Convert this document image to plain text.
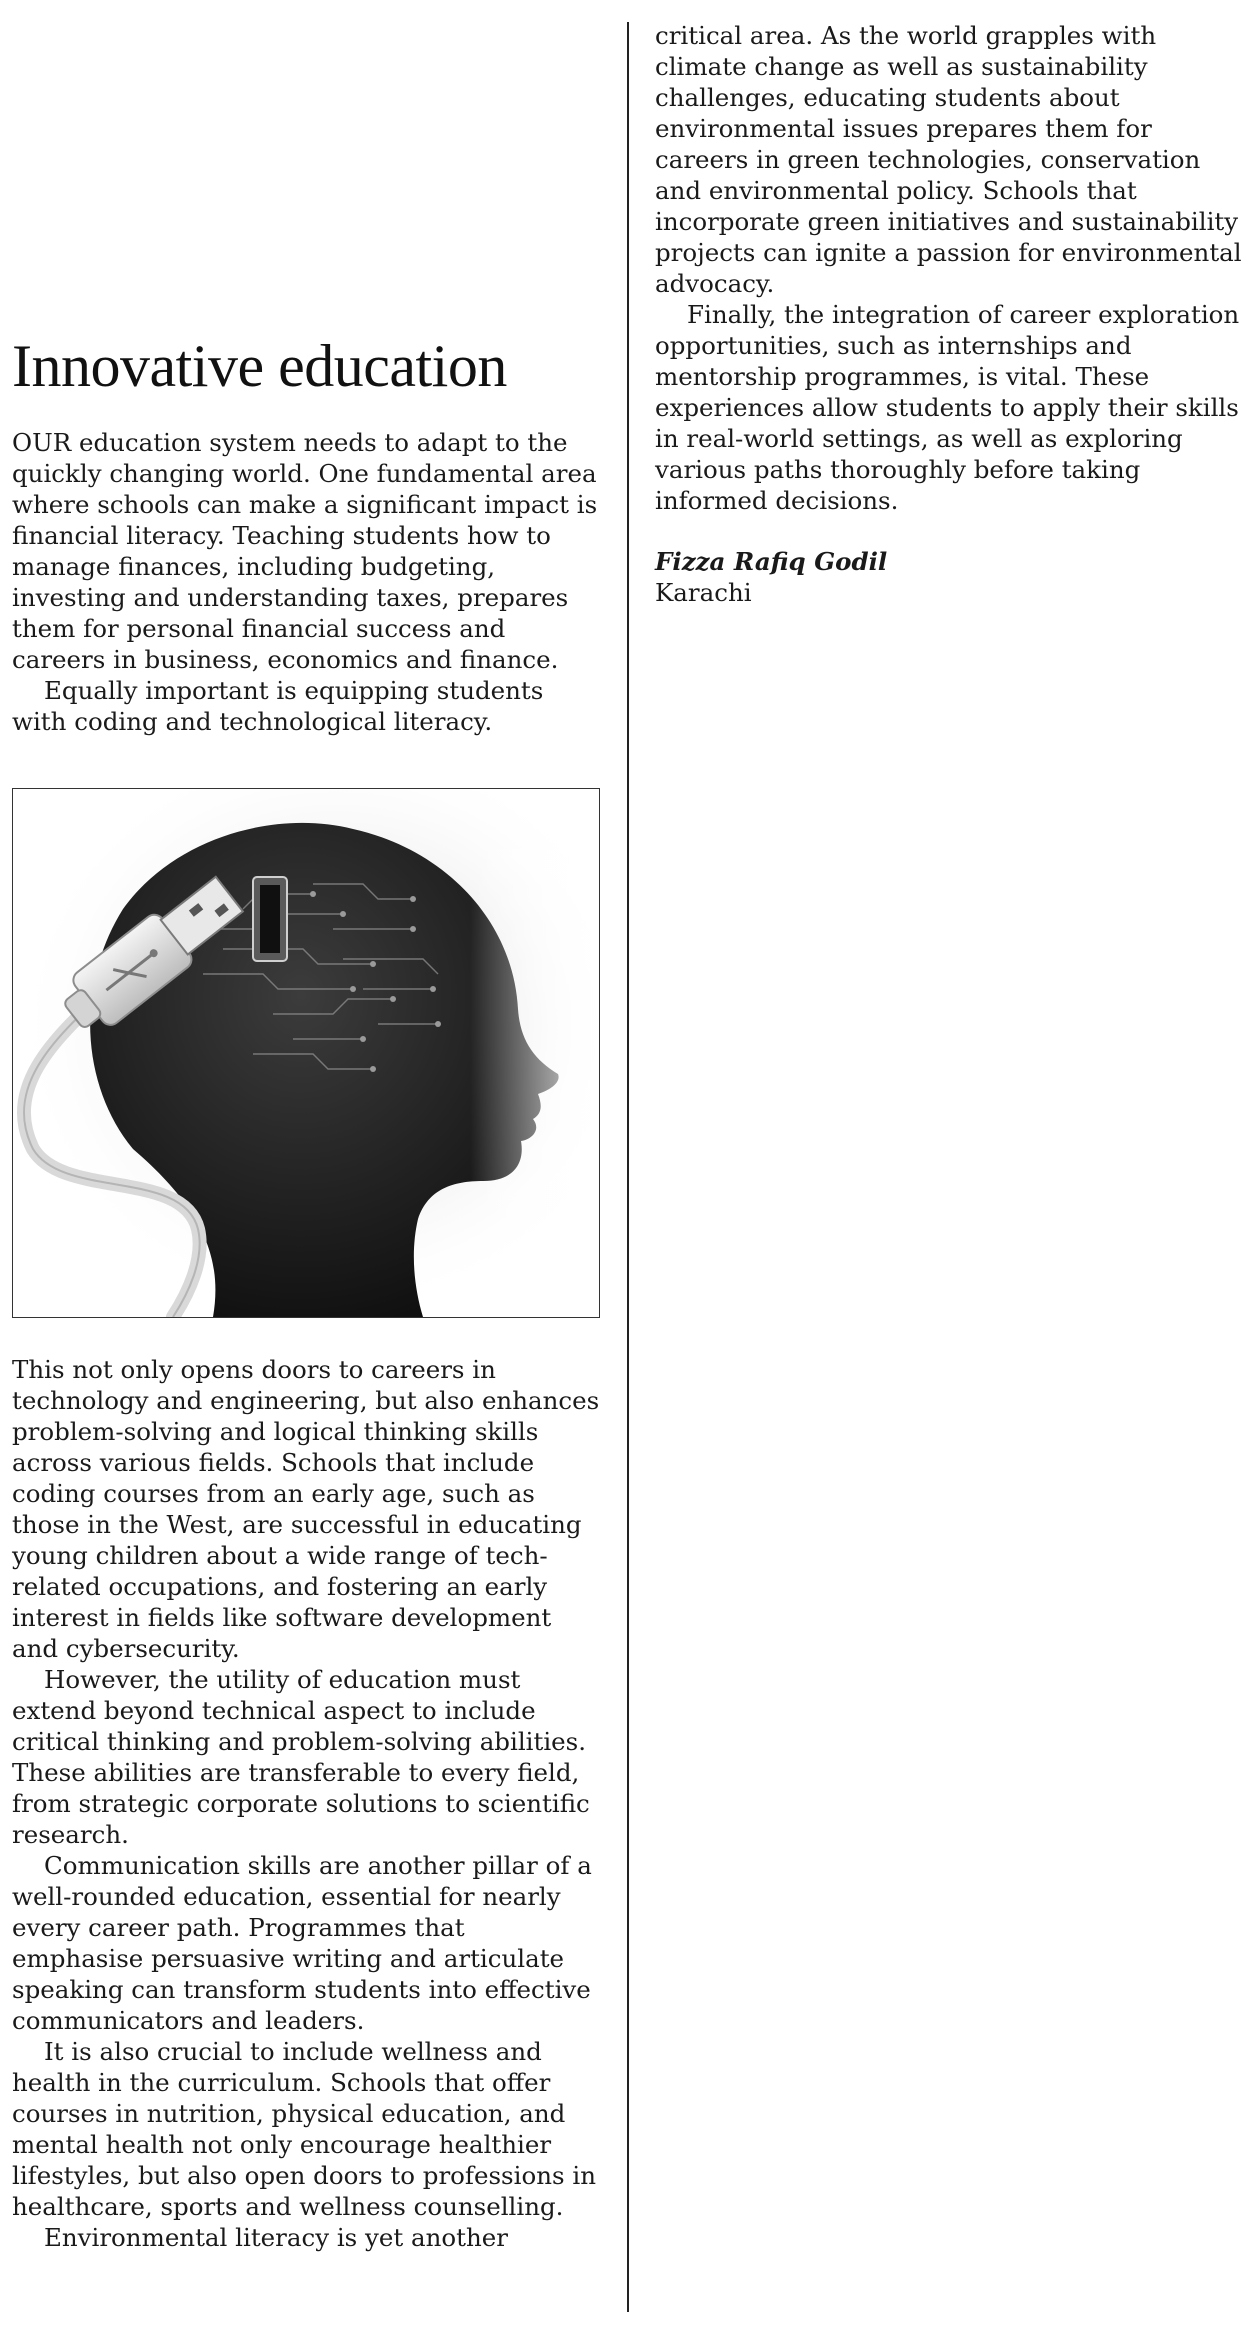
Innovative education

OUR education system needs to adapt to the quickly changing world. One fundamental area where schools can make a significant impact is financial literacy. Teaching students how to manage finances, including budgeting, investing and understanding taxes, prepares them for personal financial success and careers in business, economics and finance.

Equally important is equipping students with coding and technological literacy.

This not only opens doors to careers in technology and engineering, but also enhances problem-solving and logical thinking skills across various fields. Schools that include coding courses from an early age, such as those in the West, are successful in educating young children about a wide range of tech-related occupations, and fostering an early interest in fields like software development and cybersecurity.

However, the utility of education must extend beyond technical aspect to include critical thinking and problem-solving abilities. These abilities are transferable to every field, from strategic corporate solutions to scientific research.

Communication skills are another pillar of a well-rounded education, essential for nearly every career path. Programmes that emphasise persuasive writing and articulate speaking can transform students into effective communicators and leaders.

It is also crucial to include wellness and health in the curriculum. Schools that offer courses in nutrition, physical education, and mental health not only encourage healthier lifestyles, but also open doors to professions in healthcare, sports and wellness counselling.

Environmental literacy is yet another

critical area. As the world grapples with climate change as well as sustainability challenges, educating students about environmental issues prepares them for careers in green technologies, conservation and environmental policy. Schools that incorporate green initiatives and sustainability projects can ignite a passion for environmental advocacy.

Finally, the integration of career exploration opportunities, such as internships and mentorship programmes, is vital. These experiences allow students to apply their skills in real-world settings, as well as exploring various paths thoroughly before taking informed decisions.

Fizza Rafiq Godil
Karachi
